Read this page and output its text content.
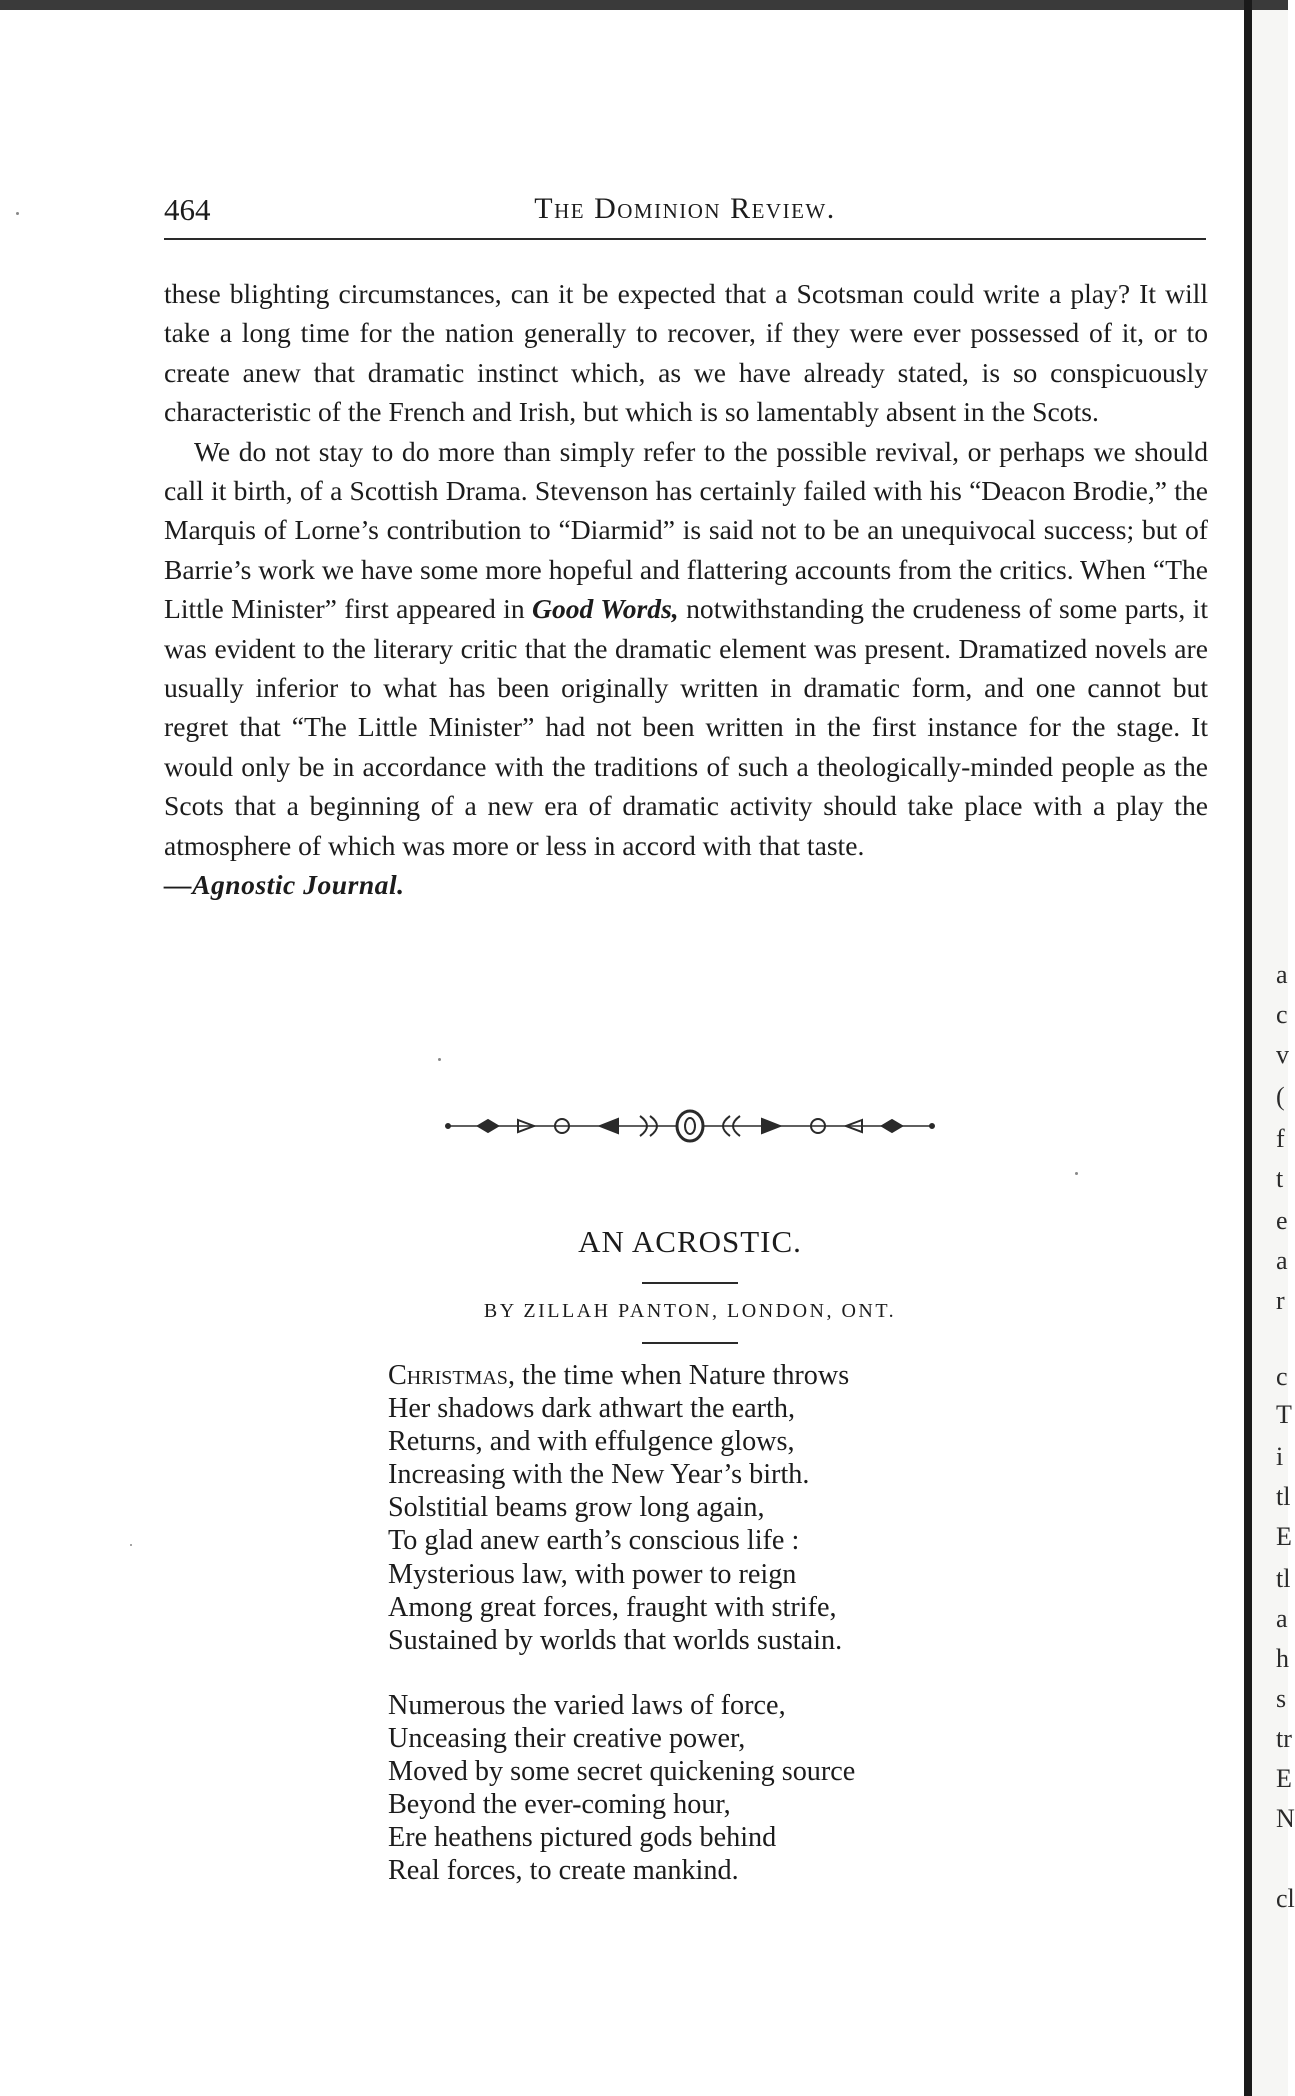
464	The Dominion Review.

these blighting circumstances, can it be expected that a Scotsman could write a play? It will take a long time for the nation generally to recover, if they were ever possessed of it, or to create anew that dramatic instinct which, as we have already stated, is so conspicuously characteristic of the French and Irish, but which is so lamentably absent in the Scots.

We do not stay to do more than simply refer to the possible revival, or perhaps we should call it birth, of a Scottish Drama. Stevenson has certainly failed with his “Deacon Brodie,” the Marquis of Lorne’s contribution to “Diarmid” is said not to be an unequivocal success; but of Barrie’s work we have some more hopeful and flattering accounts from the critics. When “The Little Minister” first appeared in Good Words, notwithstanding the crudeness of some parts, it was evident to the literary critic that the dramatic element was present. Dramatized novels are usually inferior to what has been originally written in dramatic form, and one cannot but regret that “The Little Minister” had not been written in the first instance for the stage. It would only be in accordance with the traditions of such a theologically-minded people as the Scots that a beginning of a new era of dramatic activity should take place with a play the atmosphere of which was more or less in accord with that taste.

—Agnostic Journal.

AN ACROSTIC.
BY ZILLAH PANTON, LONDON, ONT.
Christmas, the time when Nature throws
Her shadows dark athwart the earth,
Returns, and with effulgence glows,
Increasing with the New Year’s birth.
Solstitial beams grow long again,
To glad anew earth’s conscious life :
Mysterious law, with power to reign
Among great forces, fraught with strife,
Sustained by worlds that worlds sustain.
Numerous the varied laws of force,
Unceasing their creative power,
Moved by some secret quickening source
Beyond the ever-coming hour,
Ere heathens pictured gods behind
Real forces, to create mankind.
a
c
v
(
f
t
e
a
r
c
T
i
tl
E
tl
a
h
s
tr
E
N
cl
